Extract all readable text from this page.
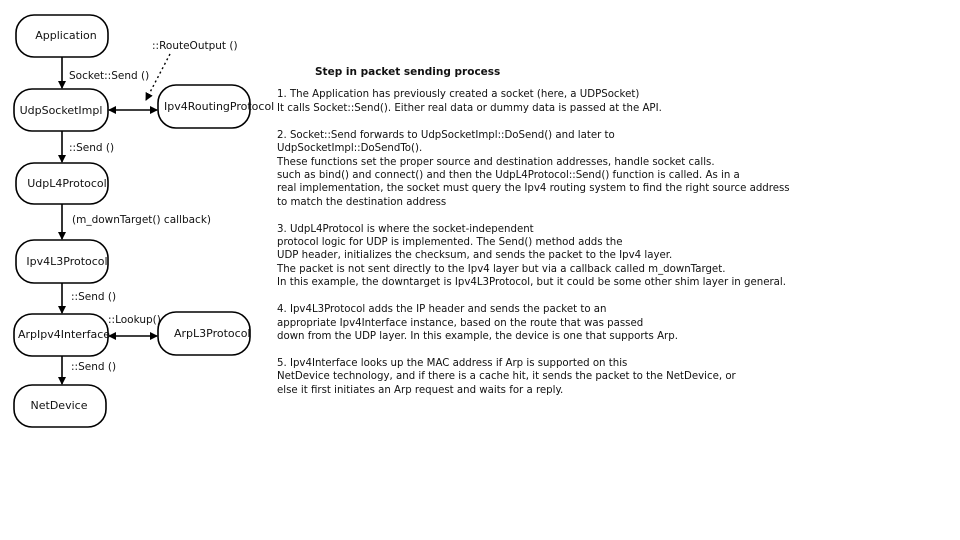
Application
UdpSocketImpl	Ipv4RoutingProtocol
UdpL4Protocol
Ipv4L3Protocol
ArpIpv4Interface	ArpL3Protocol
NetDevice
Socket::Send ()
::RouteOutput ()
::Send ()
(m_downTarget() callback)
::Send ()
::Lookup()
::Send ()
Step in packet sending process
1. The Application has previously created a socket (here, a UDPSocket)
It calls Socket::Send(). Either real data or dummy data is passed at the API.
2. Socket::Send forwards to UdpSocketImpl::DoSend() and later to
UdpSocketImpl::DoSendTo().
These functions set the proper source and destination addresses, handle socket calls.
such as bind() and connect() and then the UdpL4Protocol::Send() function is called. As in a
real implementation, the socket must query the Ipv4 routing system to find the right source address
to match the destination address
3. UdpL4Protocol is where the socket-independent
protocol logic for UDP is implemented. The Send() method adds the
UDP header, initializes the checksum, and sends the packet to the Ipv4 layer.
The packet is not sent directly to the Ipv4 layer but via a callback called m_downTarget.
In this example, the downtarget is Ipv4L3Protocol, but it could be some other shim layer in general.
4. Ipv4L3Protocol adds the IP header and sends the packet to an
appropriate Ipv4Interface instance, based on the route that was passed
down from the UDP layer. In this example, the device is one that supports Arp.
5. Ipv4Interface looks up the MAC address if Arp is supported on this
NetDevice technology, and if there is a cache hit, it sends the packet to the NetDevice, or
else it first initiates an Arp request and waits for a reply.
